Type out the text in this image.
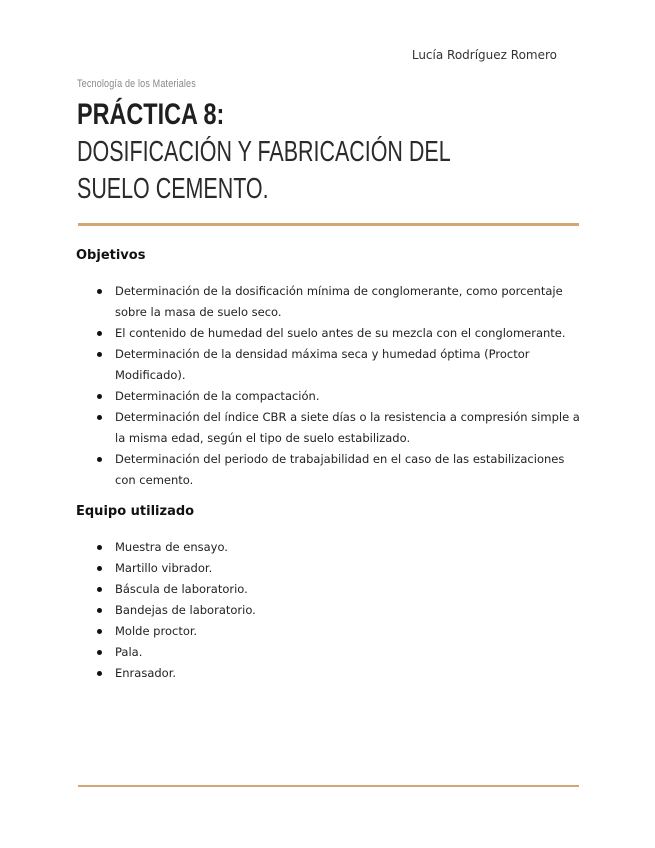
Lucía Rodríguez Romero
Tecnología de los Materiales
PRÁCTICA 8:
DOSIFICACIÓN Y FABRICACIÓN DEL SUELO CEMENTO.
Objetivos
Determinación de la dosificación mínima de conglomerante, como porcentaje sobre la masa de suelo seco.
El contenido de humedad del suelo antes de su mezcla con el conglomerante.
Determinación de la densidad máxima seca y humedad óptima (Proctor Modificado).
Determinación de la compactación.
Determinación del índice CBR a siete días o la resistencia a compresión simple a la misma edad, según el tipo de suelo estabilizado.
Determinación del periodo de trabajabilidad en el caso de las estabilizaciones con cemento.
Equipo utilizado
Muestra de ensayo.
Martillo vibrador.
Báscula de laboratorio.
Bandejas de laboratorio.
Molde proctor.
Pala.
Enrasador.
